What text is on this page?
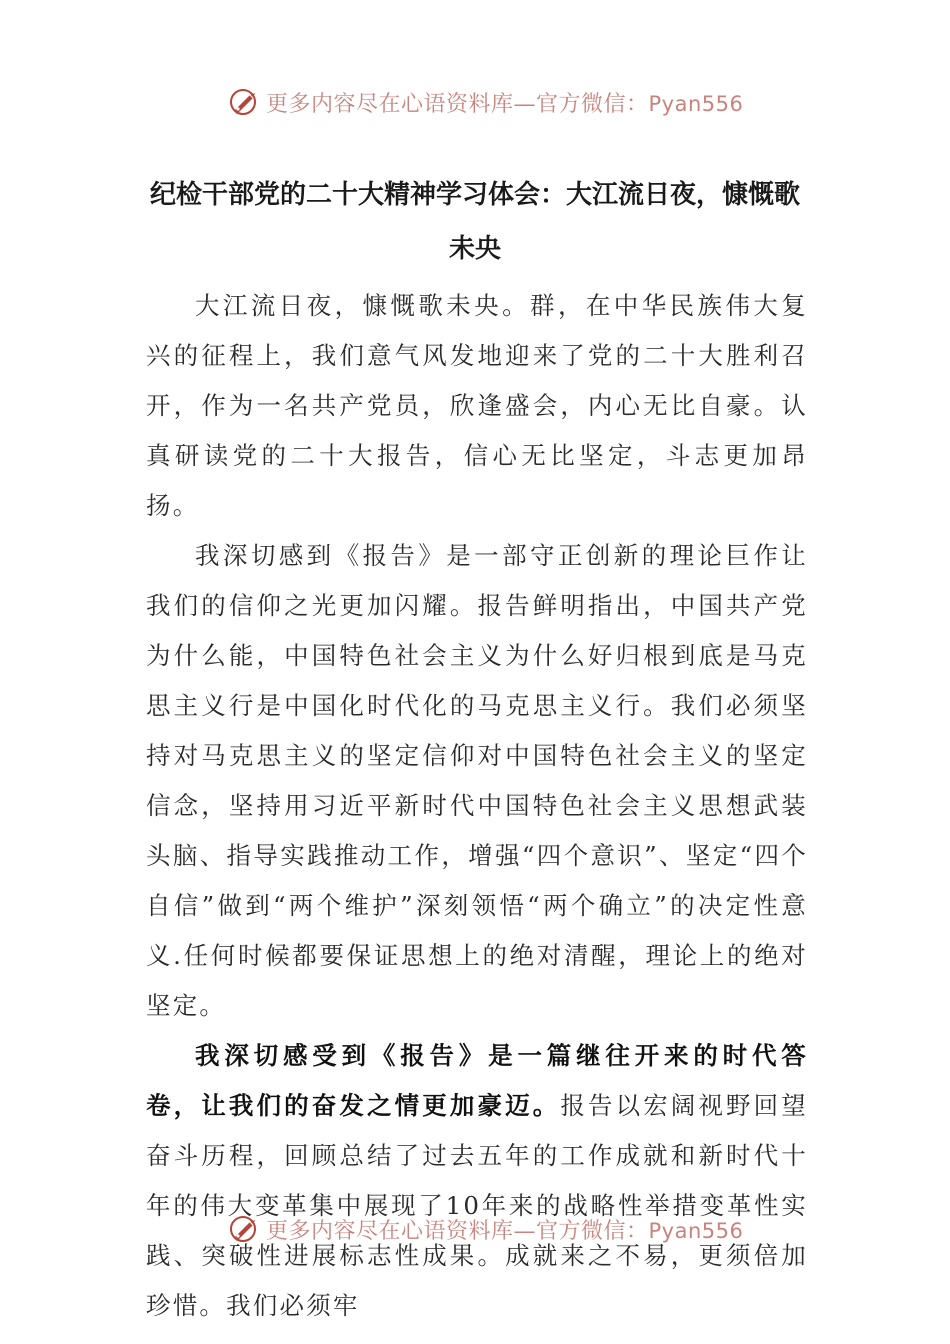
更多内容尽在心语资料库—官方微信：Pyan556
纪检干部党的二十大精神学习体会：大江流日夜，慷慨歌未央

大江流日夜，慷慨歌未央。群，在中华民族伟大复兴的征程上，我们意气风发地迎来了党的二十大胜利召开，作为一名共产党员，欣逢盛会，内心无比自豪。认真研读党的二十大报告，信心无比坚定，斗志更加昂扬。

我深切感到《报告》是一部守正创新的理论巨作让我们的信仰之光更加闪耀。报告鲜明指出，中国共产党为什么能，中国特色社会主义为什么好归根到底是马克思主义行是中国化时代化的马克思主义行。我们必须坚持对马克思主义的坚定信仰对中国特色社会主义的坚定信念，坚持用习近平新时代中国特色社会主义思想武装头脑、指导实践推动工作，增强“四个意识”、坚定“四个自信”做到“两个维护”深刻领悟“两个确立”的决定性意义.任何时候都要保证思想上的绝对清醒，理论上的绝对坚定。

我深切感受到《报告》是一篇继往开来的时代答卷，让我们的奋发之情更加豪迈。报告以宏阔视野回望奋斗历程，回顾总结了过去五年的工作成就和新时代十年的伟大变革集中展现了10年来的战略性举措变革性实践、突破性进展标志性成果。成就来之不易，更须倍加珍惜。我们必须牢

更多内容尽在心语资料库—官方微信：Pyan556
